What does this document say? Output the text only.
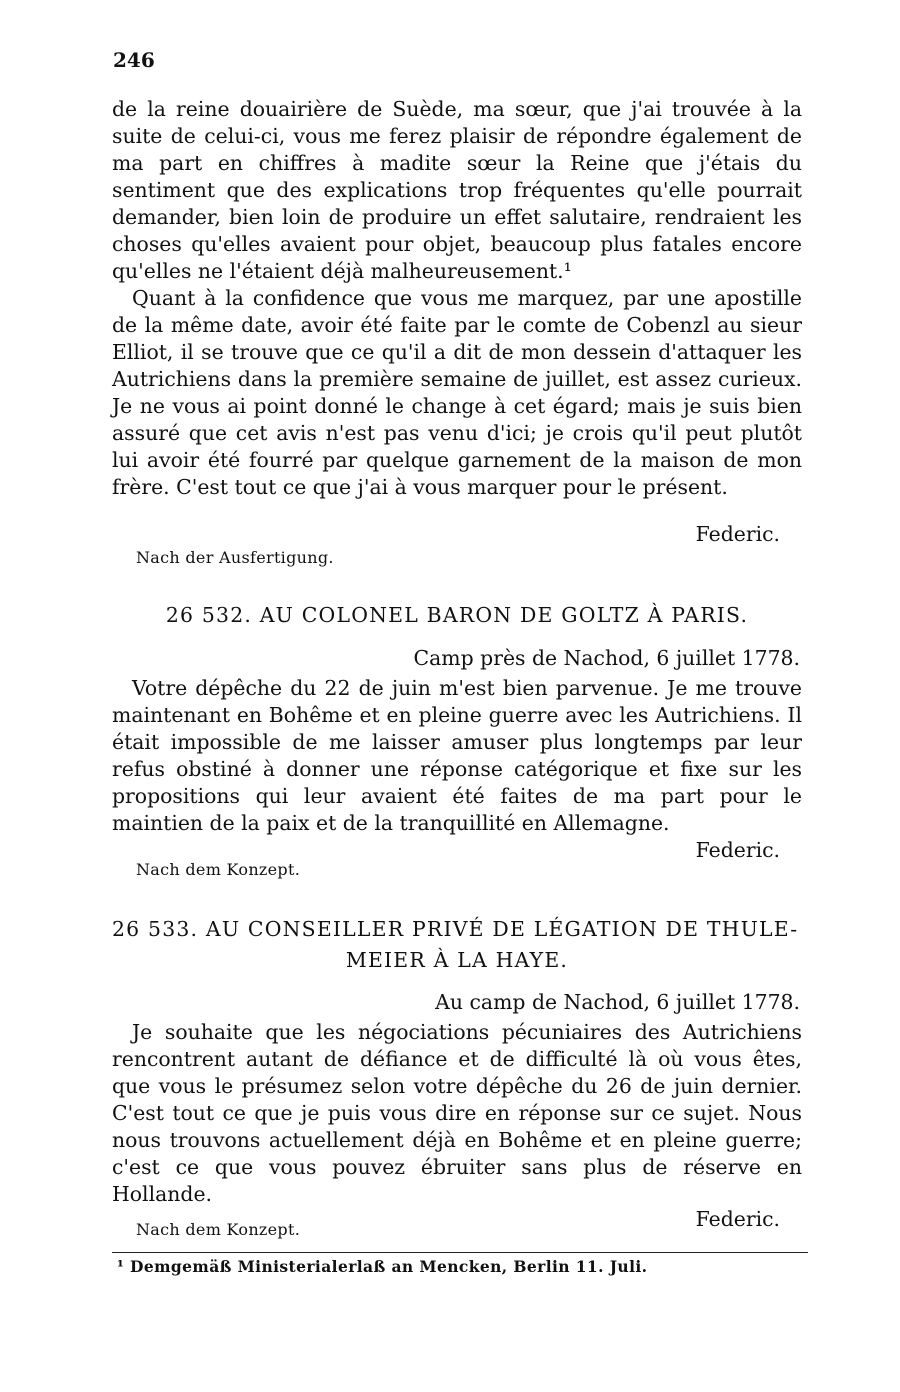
246
de la reine douairière de Suède, ma sœur, que j'ai trouvée à la suite de celui-ci, vous me ferez plaisir de répondre également de ma part en chiffres à madite sœur la Reine que j'étais du sentiment que des explications trop fréquentes qu'elle pourrait demander, bien loin de produire un effet salutaire, rendraient les choses qu'elles avaient pour objet, beaucoup plus fatales encore qu'elles ne l'étaient déjà malheureusement.¹
Quant à la confidence que vous me marquez, par une apostille de la même date, avoir été faite par le comte de Cobenzl au sieur Elliot, il se trouve que ce qu'il a dit de mon dessein d'attaquer les Autrichiens dans la première semaine de juillet, est assez curieux. Je ne vous ai point donné le change à cet égard; mais je suis bien assuré que cet avis n'est pas venu d'ici; je crois qu'il peut plutôt lui avoir été fourré par quelque garnement de la maison de mon frère. C'est tout ce que j'ai à vous marquer pour le présent.
Federic.
Nach der Ausfertigung.
26 532. AU COLONEL BARON DE GOLTZ À PARIS.
Camp près de Nachod, 6 juillet 1778.
Votre dépêche du 22 de juin m'est bien parvenue. Je me trouve maintenant en Bohême et en pleine guerre avec les Autrichiens. Il était impossible de me laisser amuser plus longtemps par leur refus obstiné à donner une réponse catégorique et fixe sur les propositions qui leur avaient été faites de ma part pour le maintien de la paix et de la tranquillité en Allemagne.
Federic.
Nach dem Konzept.
26 533. AU CONSEILLER PRIVÉ DE LÉGATION DE THULE-
MEIER À LA HAYE.
Au camp de Nachod, 6 juillet 1778.
Je souhaite que les négociations pécuniaires des Autrichiens rencontrent autant de défiance et de difficulté là où vous êtes, que vous le présumez selon votre dépêche du 26 de juin dernier. C'est tout ce que je puis vous dire en réponse sur ce sujet. Nous nous trouvons actuellement déjà en Bohême et en pleine guerre; c'est ce que vous pouvez ébruiter sans plus de réserve en Hollande.
Federic.
Nach dem Konzept.
¹ Demgemäß Ministerialerlaß an Mencken, Berlin 11. Juli.
